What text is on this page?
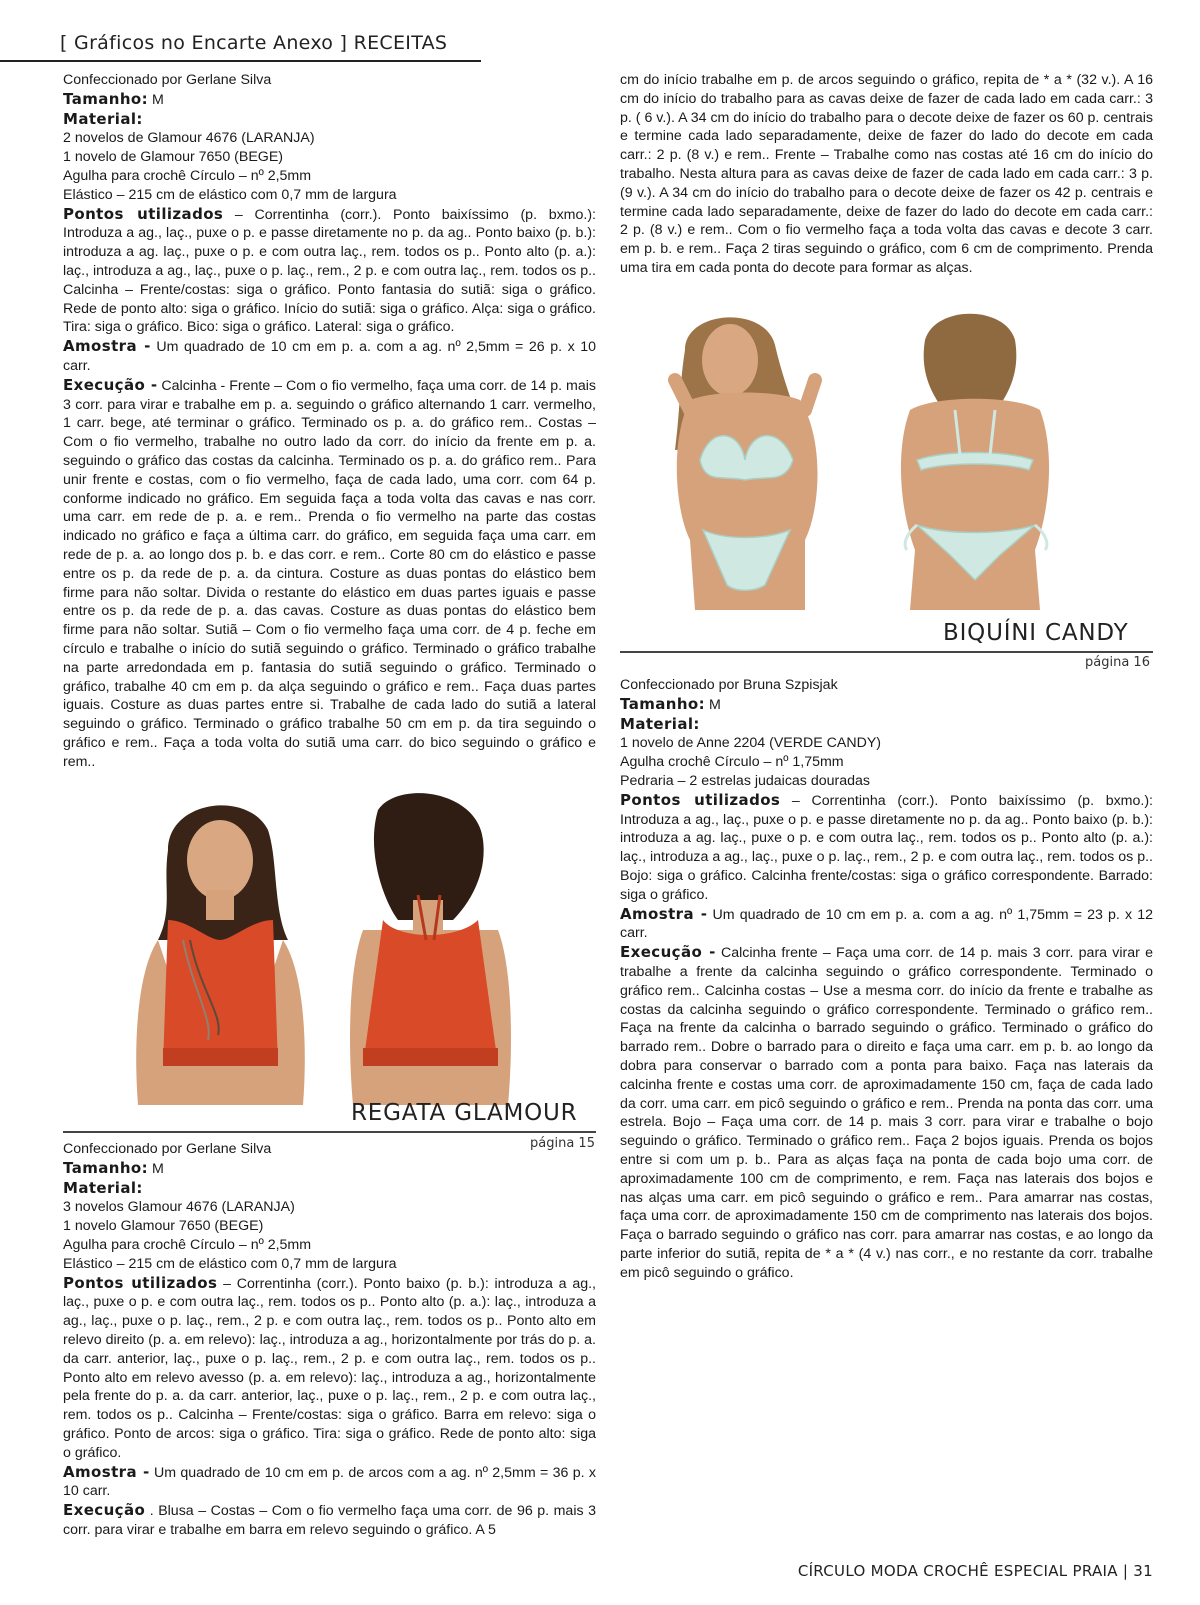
[ Gráficos no Encarte Anexo ] RECEITAS

Confeccionado por Gerlane Silva

Tamanho: M

Material:

2 novelos de Glamour 4676 (LARANJA)

1 novelo de Glamour 7650 (BEGE)

Agulha para crochê Círculo – nº 2,5mm

Elástico – 215 cm de elástico com 0,7 mm de largura

Pontos utilizados – Correntinha (corr.). Ponto baixíssimo (p. bxmo.): Introduza a ag., laç., puxe o p. e passe diretamente no p. da ag.. Ponto baixo (p. b.): introduza a ag. laç., puxe o p. e com outra laç., rem. todos os p.. Ponto alto (p. a.): laç., introduza a ag., laç., puxe o p. laç., rem., 2 p. e com outra laç., rem. todos os p.. Calcinha – Frente/costas: siga o gráfico. Ponto fantasia do sutiã: siga o gráfico. Rede de ponto alto: siga o gráfico. Início do sutiã: siga o gráfico. Alça: siga o gráfico. Tira: siga o gráfico. Bico: siga o gráfico. Lateral: siga o gráfico.

Amostra - Um quadrado de 10 cm em p. a. com a ag. nº 2,5mm = 26 p. x 10 carr.

Execução - Calcinha - Frente – Com o fio vermelho, faça uma corr. de 14 p. mais 3 corr. para virar e trabalhe em p. a. seguindo o gráfico alternando 1 carr. vermelho, 1 carr. bege, até terminar o gráfico. Terminado os p. a. do gráfico rem.. Costas – Com o fio vermelho, trabalhe no outro lado da corr. do início da frente em p. a. seguindo o gráfico das costas da calcinha. Terminado os p. a. do gráfico rem.. Para unir frente e costas, com o fio vermelho, faça de cada lado, uma corr. com 64 p. conforme indicado no gráfico. Em seguida faça a toda volta das cavas e nas corr. uma carr. em rede de p. a. e rem.. Prenda o fio vermelho na parte das costas indicado no gráfico e faça a última carr. do gráfico, em seguida faça uma carr. em rede de p. a. ao longo dos p. b. e das corr. e rem.. Corte 80 cm do elástico e passe entre os p. da rede de p. a. da cintura. Costure as duas pontas do elástico bem firme para não soltar. Divida o restante do elástico em duas partes iguais e passe entre os p. da rede de p. a. das cavas. Costure as duas pontas do elástico bem firme para não soltar. Sutiã – Com o fio vermelho faça uma corr. de 4 p. feche em círculo e trabalhe o início do sutiã seguindo o gráfico. Terminado o gráfico trabalhe na parte arredondada em p. fantasia do sutiã seguindo o gráfico. Terminado o gráfico, trabalhe 40 cm em p. da alça seguindo o gráfico e rem.. Faça duas partes iguais. Costure as duas partes entre si. Trabalhe de cada lado do sutiã a lateral seguindo o gráfico. Terminado o gráfico trabalhe 50 cm em p. da tira seguindo o gráfico e rem.. Faça a toda volta do sutiã uma carr. do bico seguindo o gráfico e rem..

REGATA GLAMOUR
página 15

Confeccionado por Gerlane Silva

Tamanho: M

Material:

3 novelos Glamour 4676 (LARANJA)

1 novelo Glamour 7650 (BEGE)

Agulha para crochê Círculo – nº 2,5mm

Elástico – 215 cm de elástico com 0,7 mm de largura

Pontos utilizados – Correntinha (corr.). Ponto baixo (p. b.): introduza a ag., laç., puxe o p. e com outra laç., rem. todos os p.. Ponto alto (p. a.): laç., introduza a ag., laç., puxe o p. laç., rem., 2 p. e com outra laç., rem. todos os p.. Ponto alto em relevo direito (p. a. em relevo): laç., introduza a ag., horizontalmente por trás do p. a. da carr. anterior, laç., puxe o p. laç., rem., 2 p. e com outra laç., rem. todos os p.. Ponto alto em relevo avesso (p. a. em relevo): laç., introduza a ag., horizontalmente pela frente do p. a. da carr. anterior, laç., puxe o p. laç., rem., 2 p. e com outra laç., rem. todos os p.. Calcinha – Frente/costas: siga o gráfico. Barra em relevo: siga o gráfico. Ponto de arcos: siga o gráfico. Tira: siga o gráfico. Rede de ponto alto: siga o gráfico.

Amostra - Um quadrado de 10 cm em p. de arcos com a ag. nº 2,5mm = 36 p. x 10 carr.

Execução . Blusa – Costas – Com o fio vermelho faça uma corr. de 96 p. mais 3 corr. para virar e trabalhe em barra em relevo seguindo o gráfico. A 5

cm do início trabalhe em p. de arcos seguindo o gráfico, repita de * a * (32 v.). A 16 cm do início do trabalho para as cavas deixe de fazer de cada lado em cada carr.: 3 p. ( 6 v.). A 34 cm do início do trabalho para o decote deixe de fazer os 60 p. centrais e termine cada lado separadamente, deixe de fazer do lado do decote em cada carr.: 2 p. (8 v.) e rem.. Frente – Trabalhe como nas costas até 16 cm do início do trabalho. Nesta altura para as cavas deixe de fazer de cada lado em cada carr.: 3 p. (9 v.). A 34 cm do início do trabalho para o decote deixe de fazer os 42 p. centrais e termine cada lado separadamente, deixe de fazer do lado do decote em cada carr.: 2 p. (8 v.) e rem.. Com o fio vermelho faça a toda volta das cavas e decote 3 carr. em p. b. e rem.. Faça 2 tiras seguindo o gráfico, com 6 cm de comprimento. Prenda uma tira em cada ponta do decote para formar as alças.

BIQUÍNI CANDY
página 16

Confeccionado por Bruna Szpisjak

Tamanho: M

Material:

1 novelo de Anne 2204 (VERDE CANDY)

Agulha crochê Círculo – nº 1,75mm

Pedraria – 2 estrelas judaicas douradas

Pontos utilizados – Correntinha (corr.). Ponto baixíssimo (p. bxmo.): Introduza a ag., laç., puxe o p. e passe diretamente no p. da ag.. Ponto baixo (p. b.): introduza a ag. laç., puxe o p. e com outra laç., rem. todos os p.. Ponto alto (p. a.): laç., introduza a ag., laç., puxe o p. laç., rem., 2 p. e com outra laç., rem. todos os p.. Bojo: siga o gráfico. Calcinha frente/costas: siga o gráfico correspondente. Barrado: siga o gráfico.

Amostra - Um quadrado de 10 cm em p. a. com a ag. nº 1,75mm = 23 p. x 12 carr.

Execução - Calcinha frente – Faça uma corr. de 14 p. mais 3 corr. para virar e trabalhe a frente da calcinha seguindo o gráfico correspondente. Terminado o gráfico rem.. Calcinha costas – Use a mesma corr. do início da frente e trabalhe as costas da calcinha seguindo o gráfico correspondente. Terminado o gráfico rem.. Faça na frente da calcinha o barrado seguindo o gráfico. Terminado o gráfico do barrado rem.. Dobre o barrado para o direito e faça uma carr. em p. b. ao longo da dobra para conservar o barrado com a ponta para baixo. Faça nas laterais da calcinha frente e costas uma corr. de aproximadamente 150 cm, faça de cada lado da corr. uma carr. em picô seguindo o gráfico e rem.. Prenda na ponta das corr. uma estrela. Bojo – Faça uma corr. de 14 p. mais 3 corr. para virar e trabalhe o bojo seguindo o gráfico. Terminado o gráfico rem.. Faça 2 bojos iguais. Prenda os bojos entre si com um p. b.. Para as alças faça na ponta de cada bojo uma corr. de aproximadamente 100 cm de comprimento, e rem. Faça nas laterais dos bojos e nas alças uma carr. em picô seguindo o gráfico e rem.. Para amarrar nas costas, faça uma corr. de aproximadamente 150 cm de comprimento nas laterais dos bojos. Faça o barrado seguindo o gráfico nas corr. para amarrar nas costas, e ao longo da parte inferior do sutiã, repita de * a * (4 v.) nas corr., e no restante da corr. trabalhe em picô seguindo o gráfico.

CÍRCULO MODA CROCHÊ ESPECIAL PRAIA | 31
